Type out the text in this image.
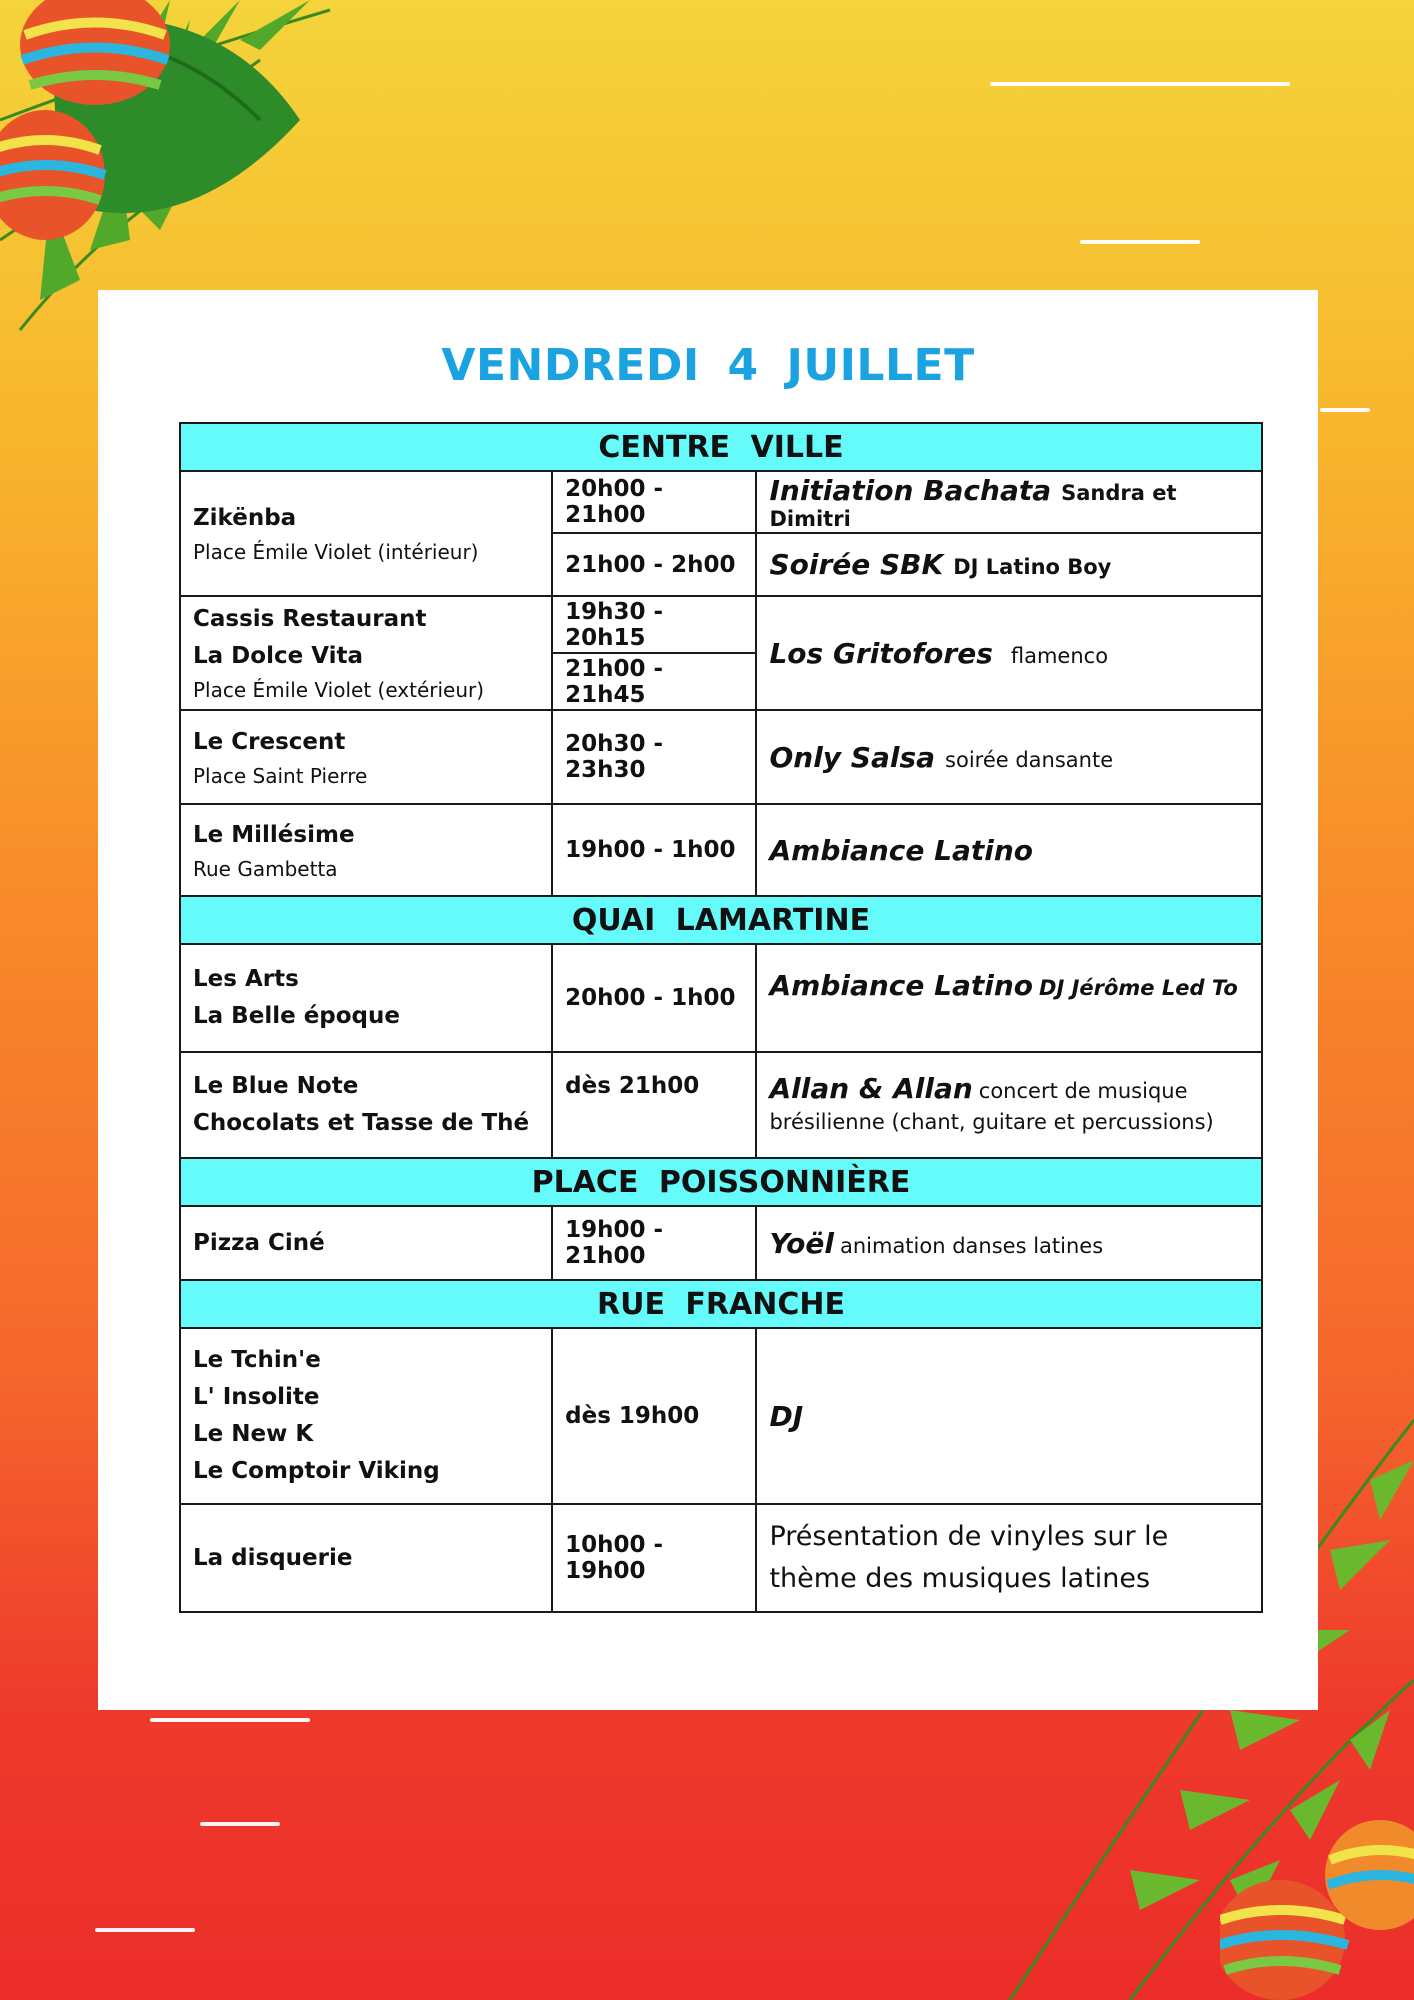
VENDREDI 4 JUILLET
CENTRE VILLE		

Zikënba
Place Émile Violet (intérieur)	20h00 - 21h00	Initiation Bachata Sandra et Dimitri
	21h00 - 2h00	Soirée SBK DJ Latino Boy

Cassis Restaurant
La Dolce Vita
Place Émile Violet (extérieur)	19h30 - 20h15	Los Gritofores flamenco
	21h00 - 21h45	

Le Crescent
Place Saint Pierre	20h30 - 23h30	Only Salsa soirée dansante

Le Millésime
Rue Gambetta	19h00 - 1h00	Ambiance Latino
QUAI LAMARTINE		

Les Arts
La Belle époque	20h00 - 1h00	Ambiance Latino DJ Jérôme Led To

Le Blue Note
Chocolats et Tasse de Thé	dès 21h00	Allan & Allan concert de musique
brésilienne (chant, guitare et percussions)
PLACE POISSONNIÈRE		

Pizza Ciné	19h00 - 21h00	Yoël animation danses latines
RUE FRANCHE		

Le Tchin'e
L' Insolite
Le New K
Le Comptoir Viking	dès 19h00	DJ

La disquerie	10h00 - 19h00	Présentation de vinyles sur le
thème des musiques latines
